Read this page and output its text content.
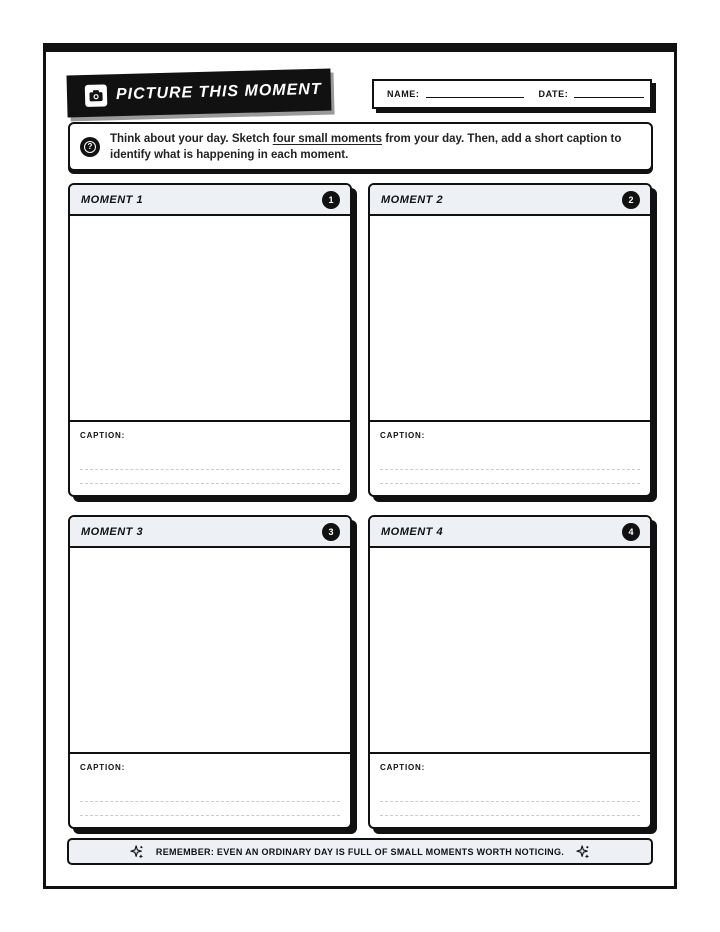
PICTURE THIS MOMENT	NAME:	DATE:
?

Think about your day. Sketch four small moments from your day. Then, add a short caption to identify what is happening in each moment.

MOMENT 1	1
CAPTION:
MOMENT 2	2
CAPTION:
MOMENT 3	3
CAPTION:
MOMENT 4	4
CAPTION:
REMEMBER: EVEN AN ORDINARY DAY IS FULL OF SMALL MOMENTS WORTH NOTICING.
